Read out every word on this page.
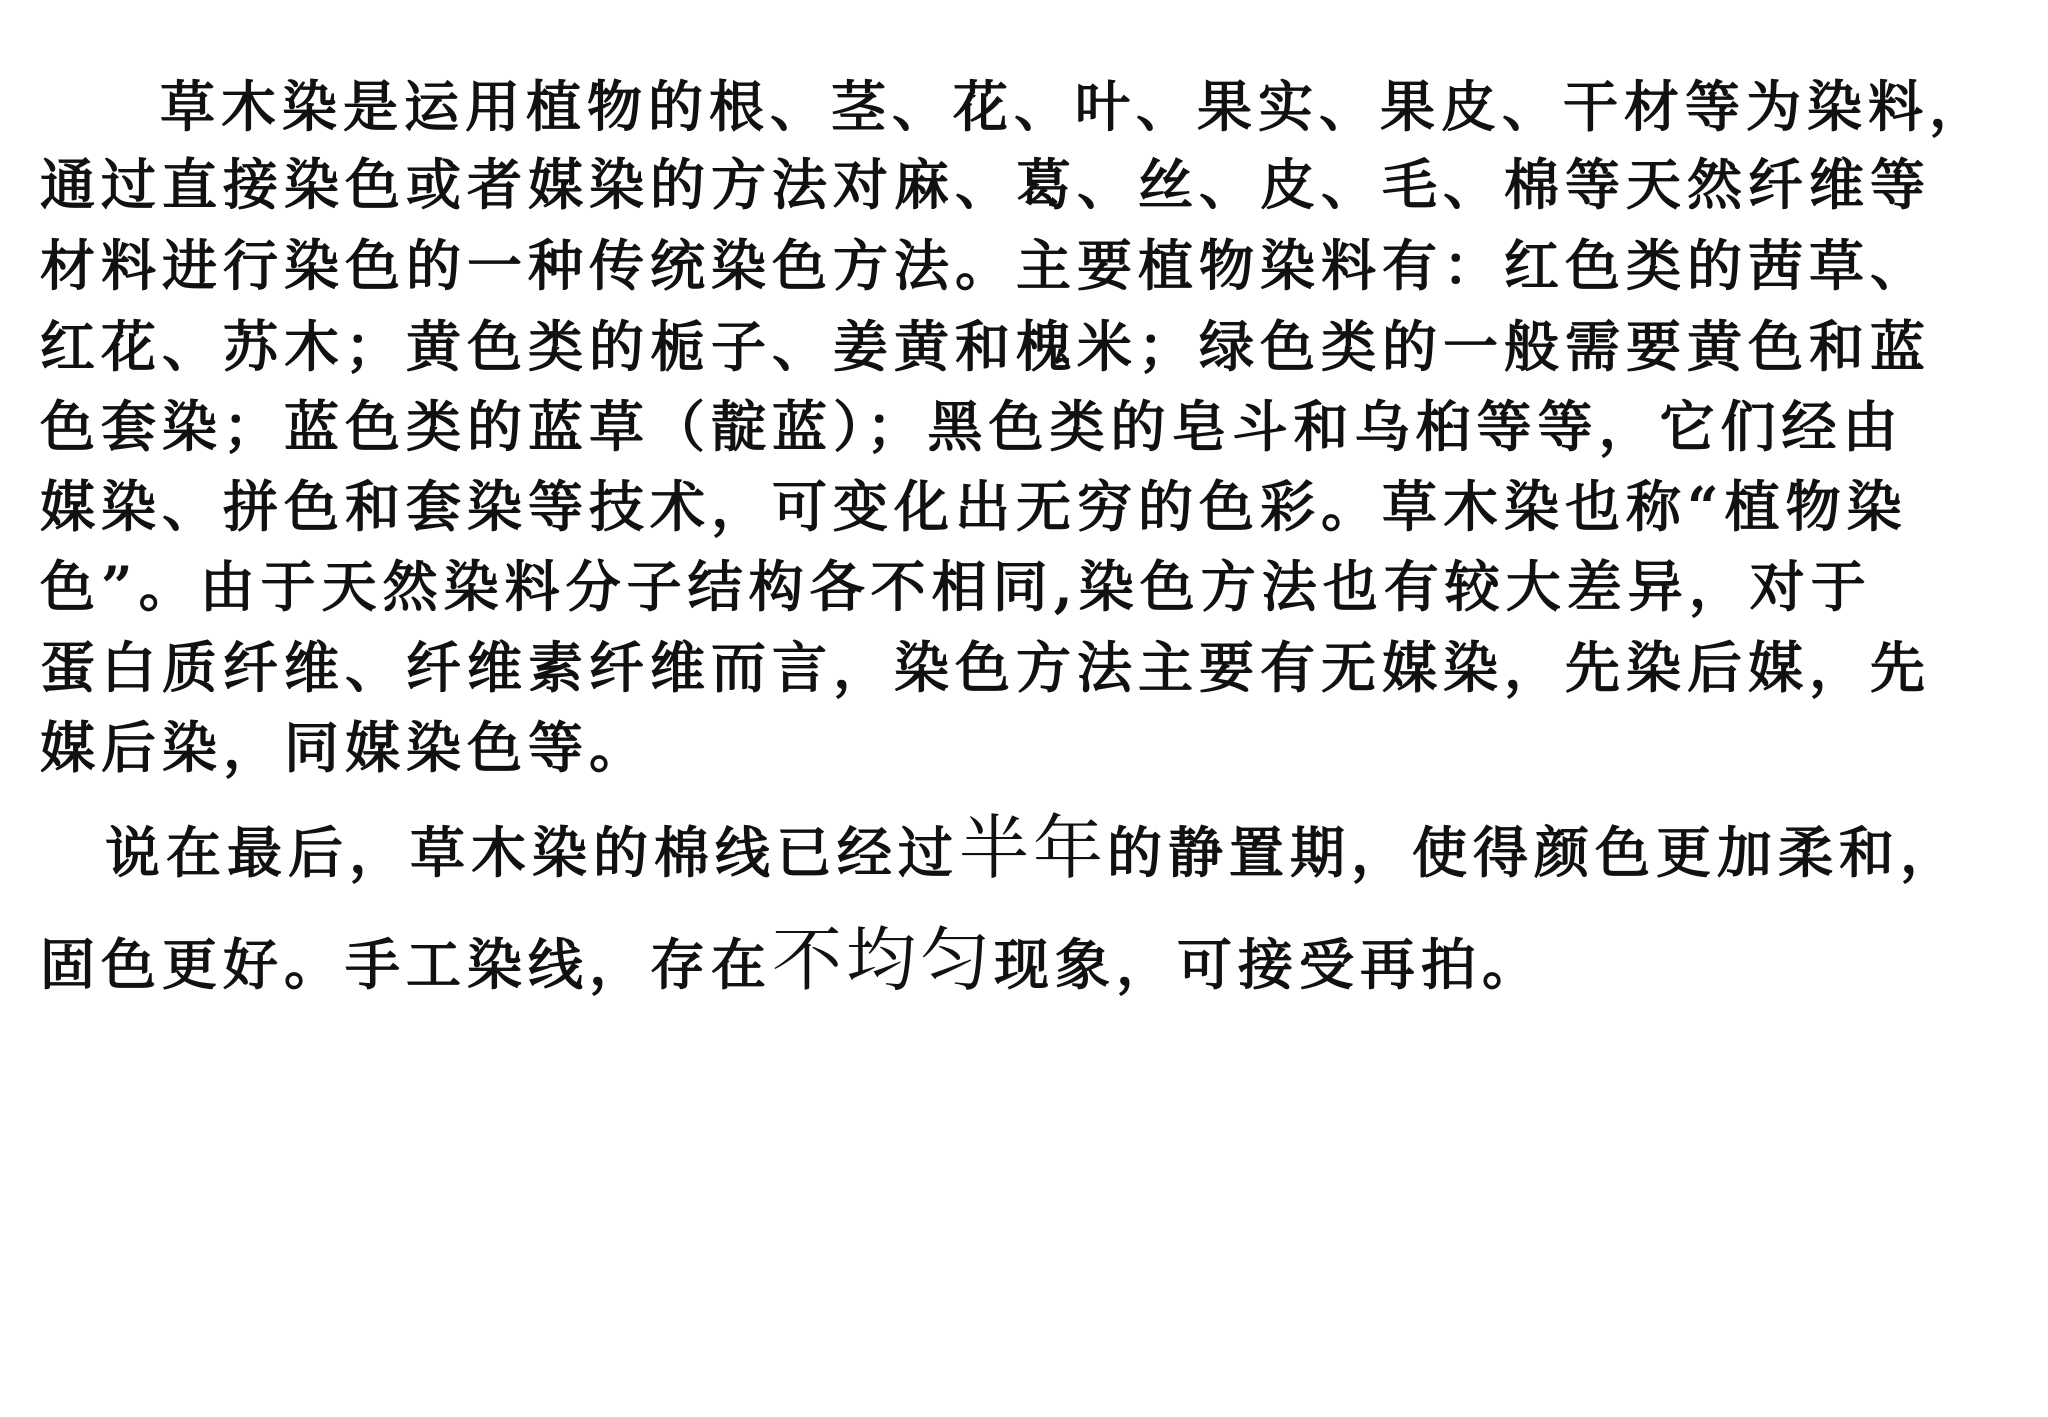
草木染是运用植物的根、茎、花、叶、果实、果皮、干材等为染料，
通过直接染色或者媒染的方法对麻、葛、丝、皮、毛、棉等天然纤维等
材料进行染色的一种传统染色方法。主要植物染料有：红色类的茜草、
红花、苏木；黄色类的栀子、姜黄和槐米；绿色类的一般需要黄色和蓝
色套染；蓝色类的蓝草（靛蓝）；黑色类的皂斗和乌桕等等，它们经由
媒染、拼色和套染等技术，可变化出无穷的色彩。草木染也称“植物染
色”。由于天然染料分子结构各不相同,染色方法也有较大差异，对于
蛋白质纤维、纤维素纤维而言，染色方法主要有无媒染，先染后媒，先
媒后染，同媒染色等。
说在最后，草木染的棉线已经过半年的静置期，使得颜色更加柔和，
固色更好。手工染线，存在不均匀现象，可接受再拍。
